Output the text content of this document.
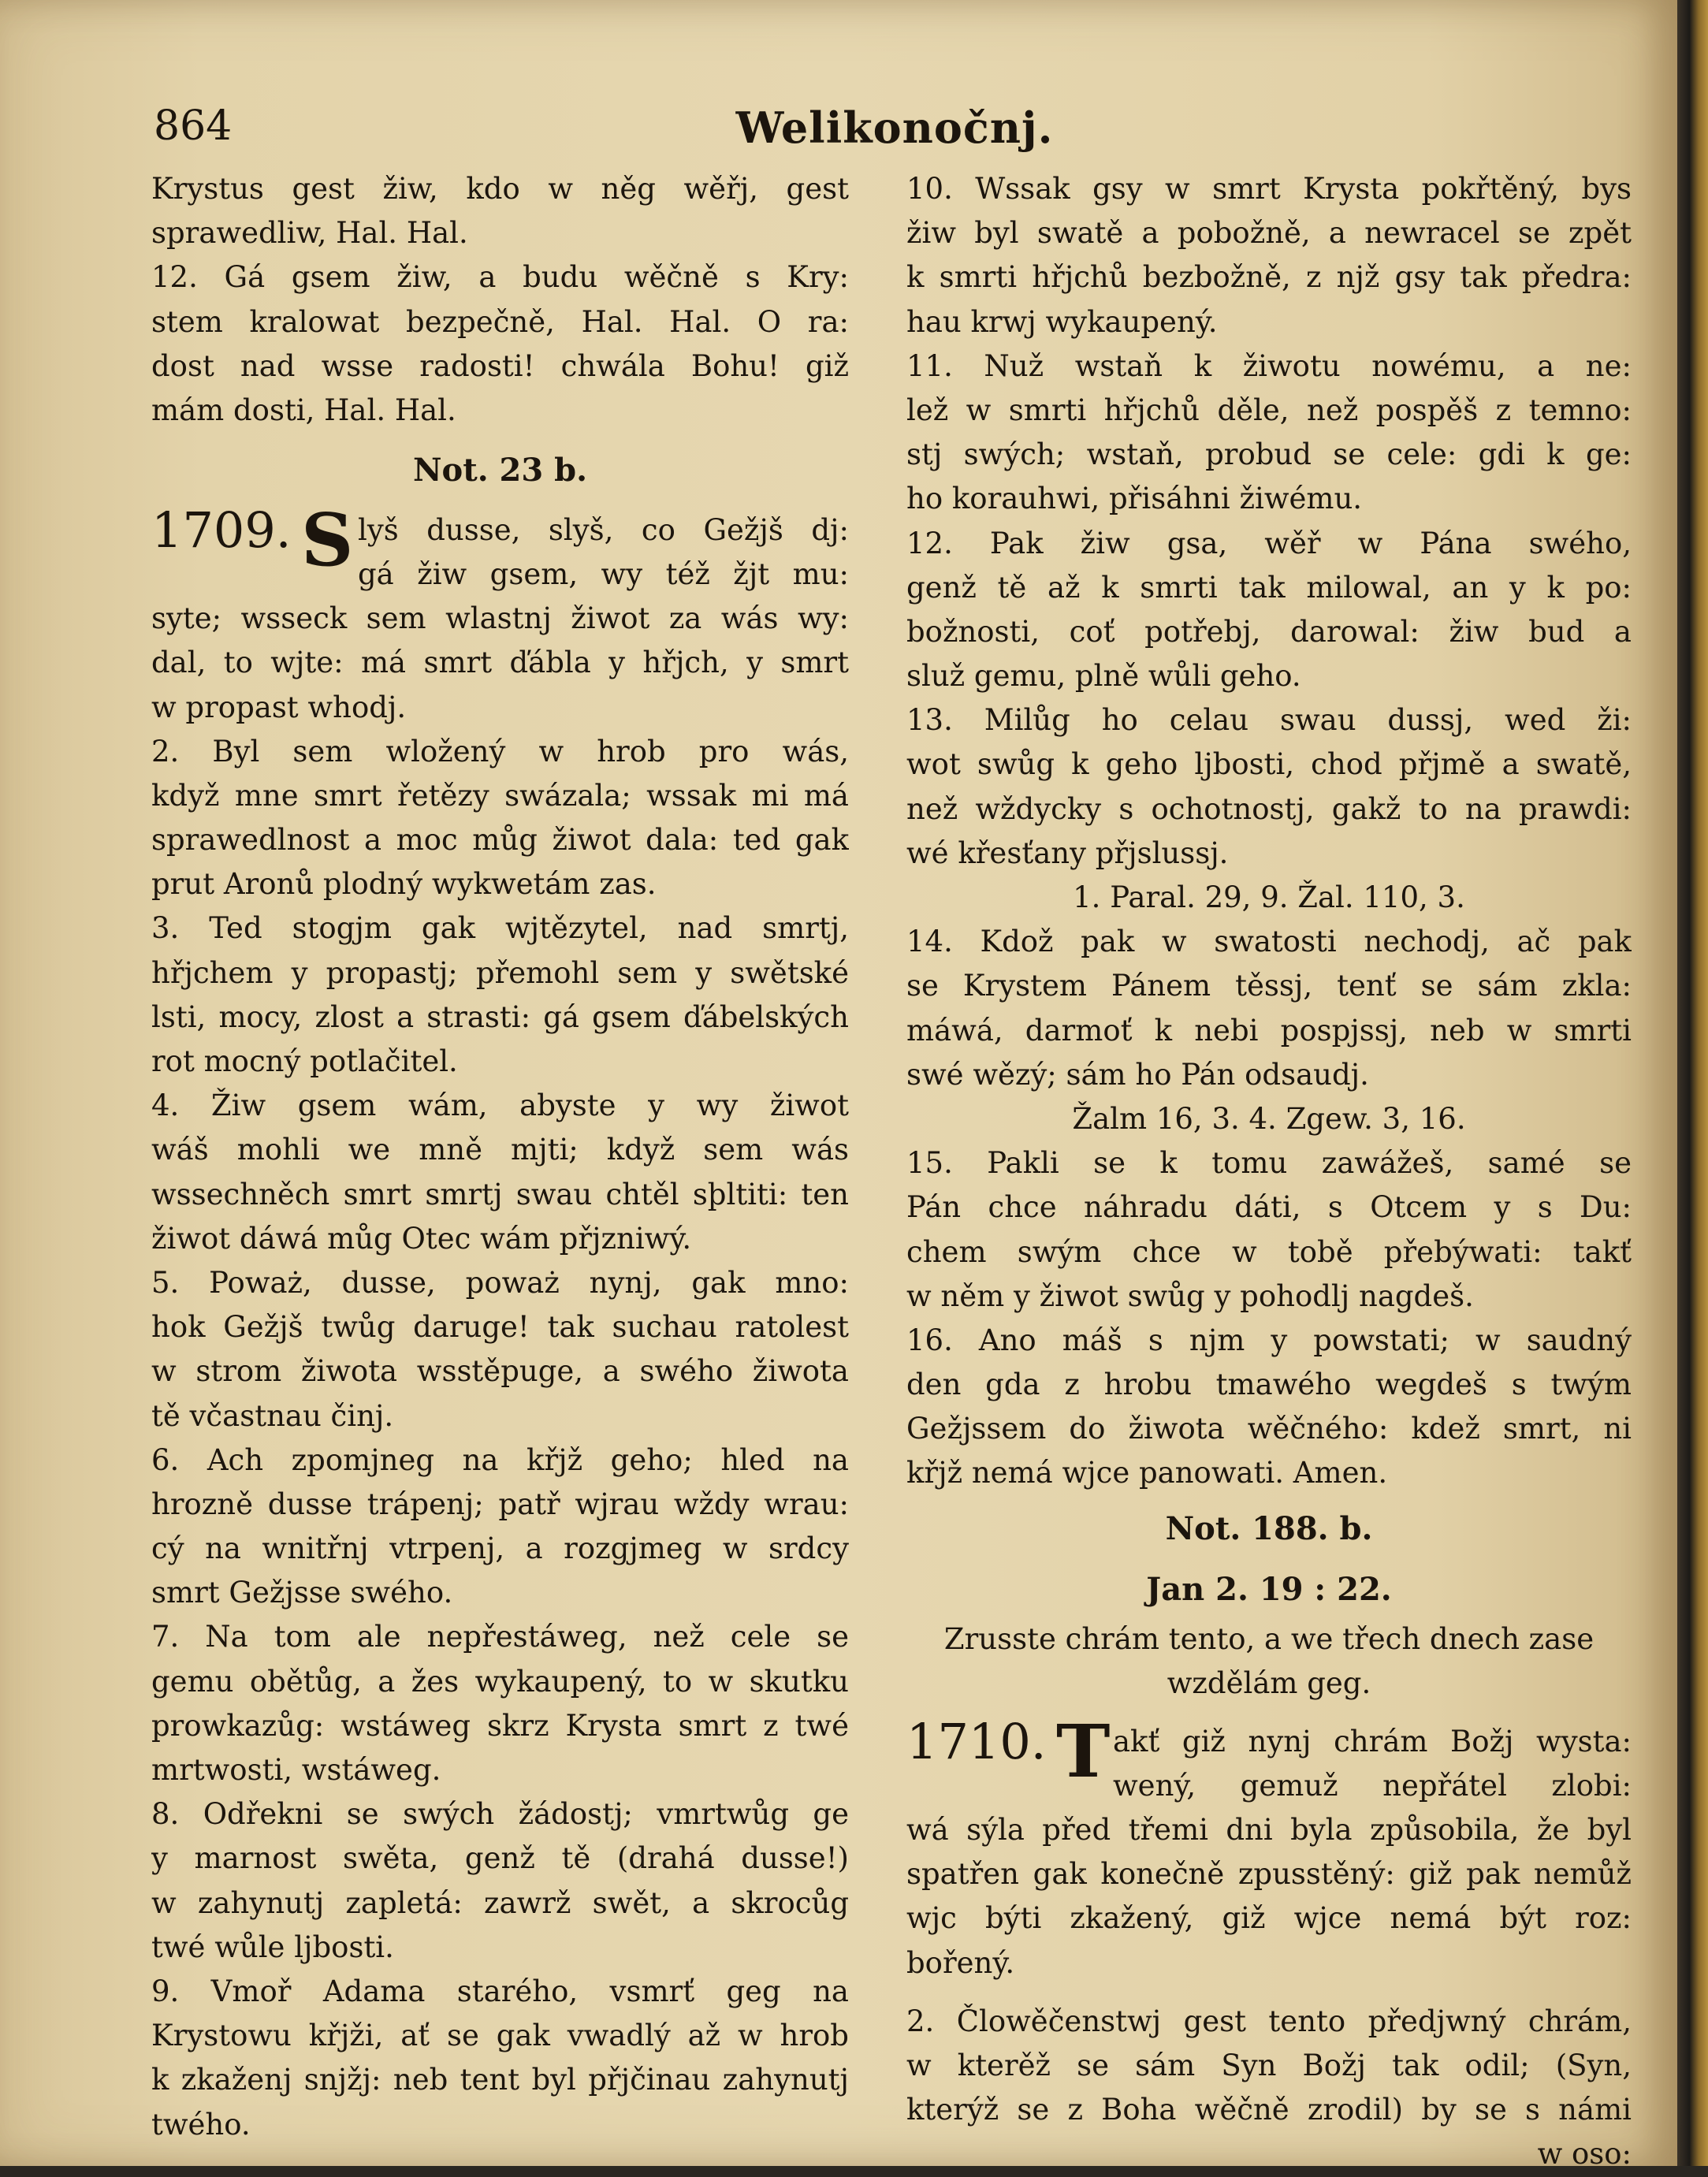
864	Welikonočnj.
Krystus gest žiw, kdo w něg wěřj, gest
sprawedliw, Hal. Hal.
12. Gá gsem žiw, a budu wěčně s Kry:
stem kralowat bezpečně, Hal. Hal. O ra:
dost nad wsse radosti! chwála Bohu! giž
mám dosti, Hal. Hal.
Not. 23 b.
1709. S lyš dusse, slyš, co Gežjš dj:
gá žiw gsem, wy též žjt mu:
syte; wsseck sem wlastnj žiwot za wás wy:
dal, to wjte: má smrt ďábla y hřjch, y smrt
w propast whodj.
2. Byl sem wložený w hrob pro wás,
když mne smrt řetězy swázala; wssak mi má
sprawedlnost a moc můg žiwot dala: ted gak
prut Aronů plodný wykwetám zas.
3. Ted stogjm gak wjtězytel, nad smrtj,
hřjchem y propastj; přemohl sem y swětské
lsti, mocy, zlost a strasti: gá gsem ďábelských
rot mocný potlačitel.
4. Žiw gsem wám, abyste y wy žiwot
wáš mohli we mně mjti; když sem wás
wssechněch smrt smrtj swau chtěl sþltiti: ten
žiwot dáwá můg Otec wám přjzniwý.
5. Poważ, dusse, poważ nynj, gak mno:
hok Gežjš twůg daruge! tak suchau ratolest
w strom žiwota wsstěpuge, a swého žiwota
tě včastnau činj.
6. Ach zpomjneg na křjž geho; hled na
hrozně dusse trápenj; patř wjrau wždy wrau:
cý na wnitřnj vtrpenj, a rozgjmeg w srdcy
smrt Gežjsse swého.
7. Na tom ale nepřestáweg, než cele se
gemu obětůg, a žes wykaupený, to w skutku
prowkazůg: wstáweg skrz Krysta smrt z twé
mrtwosti, wstáweg.
8. Odřekni se swých žádostj; vmrtwůg ge
y marnost swěta, genž tě (drahá dusse!)
w zahynutj zapletá: zawrž swět, a skrocůg
twé wůle ljbosti.
9. Vmoř Adama starého, vsmrť geg na
Krystowu křjži, ať se gak vwadlý až w hrob
k zkaženj snjžj: neb tent byl přjčinau zahynutj
twého.
10. Wssak gsy w smrt Krysta pokřtěný, bys
žiw byl swatě a pobožně, a newracel se zpět
k smrti hřjchů bezbožně, z njž gsy tak předra:
hau krwj wykaupený.
11. Nuž wstaň k žiwotu nowému, a ne:
lež w smrti hřjchů děle, než pospěš z temno:
stj swých; wstaň, probud se cele: gdi k ge:
ho korauhwi, přisáhni žiwému.
12. Pak žiw gsa, wěř w Pána swého,
genž tě až k smrti tak milowal, an y k po:
božnosti, coť potřebj, darowal: žiw bud a
služ gemu, plně wůli geho.
13. Milůg ho celau swau dussj, wed ži:
wot swůg k geho ljbosti, chod přjmě a swatě,
než wždycky s ochotnostj, gakž to na prawdi:
wé křesťany přjslussj.
1. Paral. 29, 9. Žal. 110, 3.
14. Kdož pak w swatosti nechodj, ač pak
se Krystem Pánem těssj, tenť se sám zkla:
máwá, darmoť k nebi pospjssj, neb w smrti
swé wězý; sám ho Pán odsaudj.
Žalm 16, 3. 4. Zgew. 3, 16.
15. Pakli se k tomu zawážeš, samé se
Pán chce náhradu dáti, s Otcem y s Du:
chem swým chce w tobě přebýwati: takť
w něm y žiwot swůg y pohodlj nagdeš.
16. Ano máš s njm y powstati; w saudný
den gda z hrobu tmawého wegdeš s twým
Gežjssem do žiwota wěčného: kdež smrt, ni
křjž nemá wjce panowati. Amen.
Not. 188. b.
Jan 2. 19 : 22.
Zrusste chrám tento, a we třech dnech zase
wzdělám geg.
1710. T akť giž nynj chrám Božj wysta:
wený, gemuž nepřátel zlobi:
wá sýla před třemi dni byla způsobila, že byl
spatřen gak konečně zpusstěný: giž pak nemůž
wjc býti zkažený, giž wjce nemá být roz:
bořený.
2. Člowěčenstwj gest tento předjwný chrám,
w kterěž se sám Syn Božj tak odil; (Syn,
kterýž se z Boha wěčně zrodil) by se s námi
w oso:
